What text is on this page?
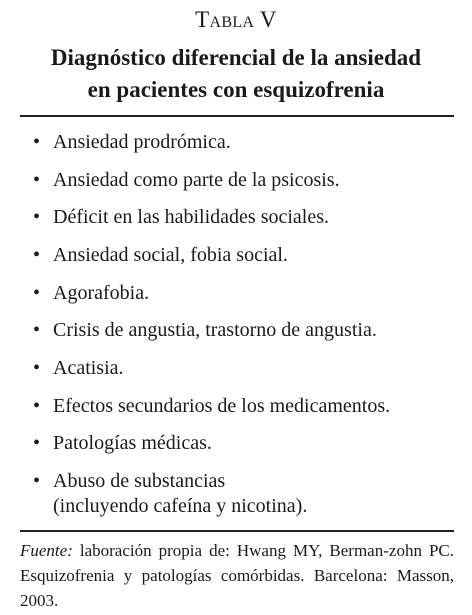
Tabla V
Diagnóstico diferencial de la ansiedad
en pacientes con esquizofrenia
• Ansiedad prodrómica.
• Ansiedad como parte de la psicosis.
• Déficit en las habilidades sociales.
• Ansiedad social, fobia social.
• Agorafobia.
• Crisis de angustia, trastorno de angustia.
• Acatisia.
• Efectos secundarios de los medicamentos.
• Patologías médicas.
• Abuso de substancias
(incluyendo cafeína y nicotina).
Fuente: laboración propia de: Hwang MY, Berman-zohn PC. Esquizofrenia y patologías comórbidas. Barcelona: Masson, 2003.
